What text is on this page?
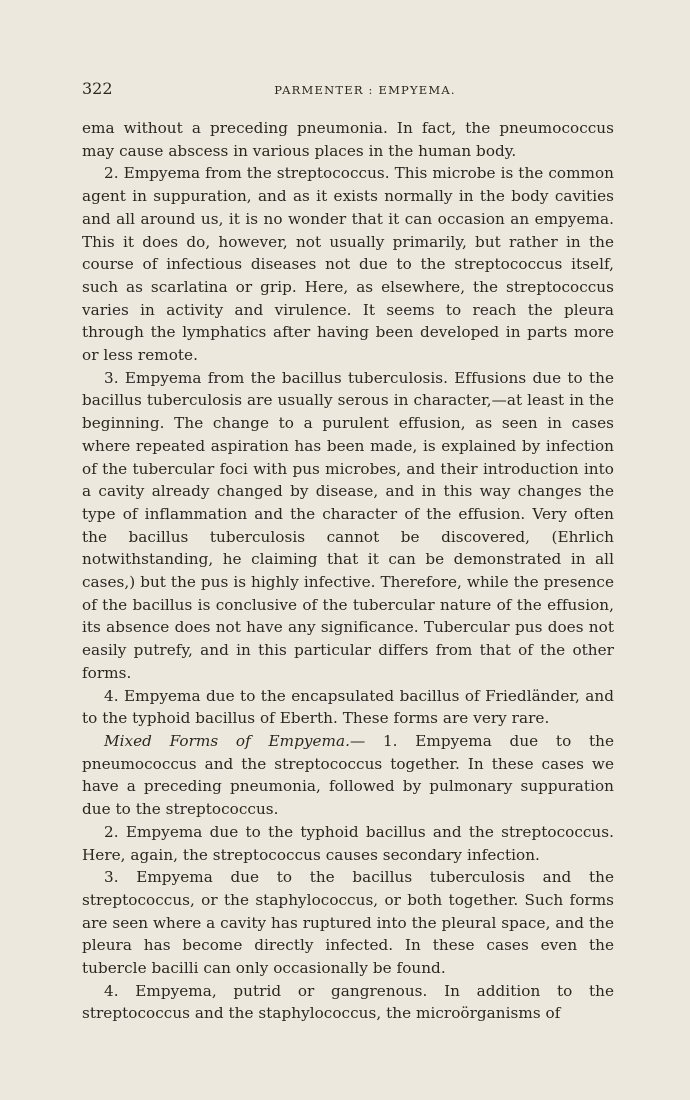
322	PARMENTER : EMPYEMA.

ema without a preceding pneumonia. In fact, the pneumococcus may cause abscess in various places in the human body.

2. Empyema from the streptococcus. This microbe is the common agent in suppuration, and as it exists normally in the body cavities and all around us, it is no wonder that it can occasion an empyema. This it does do, however, not usually primarily, but rather in the course of infectious diseases not due to the streptococcus itself, such as scarlatina or grip. Here, as elsewhere, the streptococcus varies in activity and virulence. It seems to reach the pleura through the lymphatics after having been developed in parts more or less remote.

3. Empyema from the bacillus tuberculosis. Effusions due to the bacillus tuberculosis are usually serous in character,—at least in the beginning. The change to a purulent effusion, as seen in cases where repeated aspiration has been made, is explained by infection of the tubercular foci with pus microbes, and their introduction into a cavity already changed by disease, and in this way changes the type of inflammation and the character of the effusion. Very often the bacillus tuberculosis cannot be discovered, (Ehrlich notwithstanding, he claiming that it can be demonstrated in all cases,) but the pus is highly infective. Therefore, while the presence of the bacillus is conclusive of the tubercular nature of the effusion, its absence does not have any significance. Tubercular pus does not easily putrefy, and in this particular differs from that of the other forms.

4. Empyema due to the encapsulated bacillus of Friedländer, and to the typhoid bacillus of Eberth. These forms are very rare.

Mixed Forms of Empyema.— 1. Empyema due to the pneumococcus and the streptococcus together. In these cases we have a preceding pneumonia, followed by pulmonary suppuration due to the streptococcus.

2. Empyema due to the typhoid bacillus and the streptococcus. Here, again, the streptococcus causes secondary infection.

3. Empyema due to the bacillus tuberculosis and the streptococcus, or the staphylococcus, or both together. Such forms are seen where a cavity has ruptured into the pleural space, and the pleura has become directly infected. In these cases even the tubercle bacilli can only occasionally be found.

4. Empyema, putrid or gangrenous. In addition to the streptococcus and the staphylococcus, the microörganisms of
